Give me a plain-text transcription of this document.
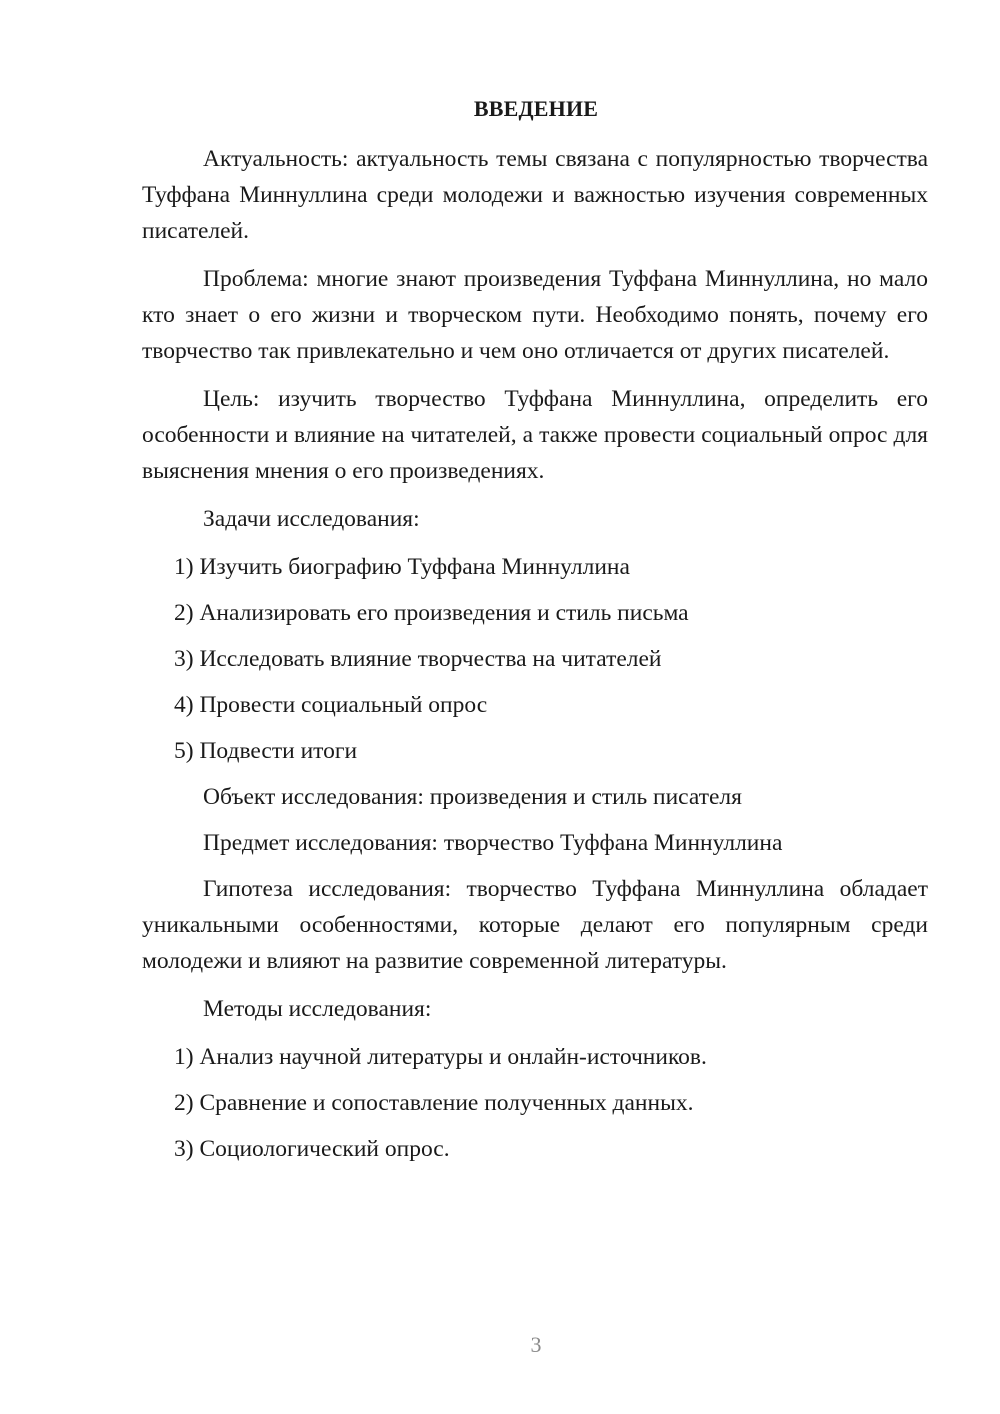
ВВЕДЕНИЕ

Актуальность: актуальность темы связана с популярностью творчества Туффана Миннуллина среди молодежи и важностью изучения современных писателей.

Проблема: многие знают произведения Туффана Миннуллина, но мало кто знает о его жизни и творческом пути. Необходимо понять, почему его творчество так привлекательно и чем оно отличается от других писателей.

Цель: изучить творчество Туффана Миннуллина, определить его особенности и влияние на читателей, а также провести социальный опрос для выяснения мнения о его произведениях.

Задачи исследования:

1) Изучить биографию Туффана Миннуллина
2) Анализировать его произведения и стиль письма
3) Исследовать влияние творчества на читателей
4) Провести социальный опрос
5) Подвести итоги

Объект исследования: произведения и стиль писателя

Предмет исследования: творчество Туффана Миннуллина

Гипотеза исследования: творчество Туффана Миннуллина обладает уникальными особенностями, которые делают его популярным среди молодежи и влияют на развитие современной литературы.

Методы исследования:

1) Анализ научной литературы и онлайн-источников.
2) Сравнение и сопоставление полученных данных.
3) Социологический опрос.
3
